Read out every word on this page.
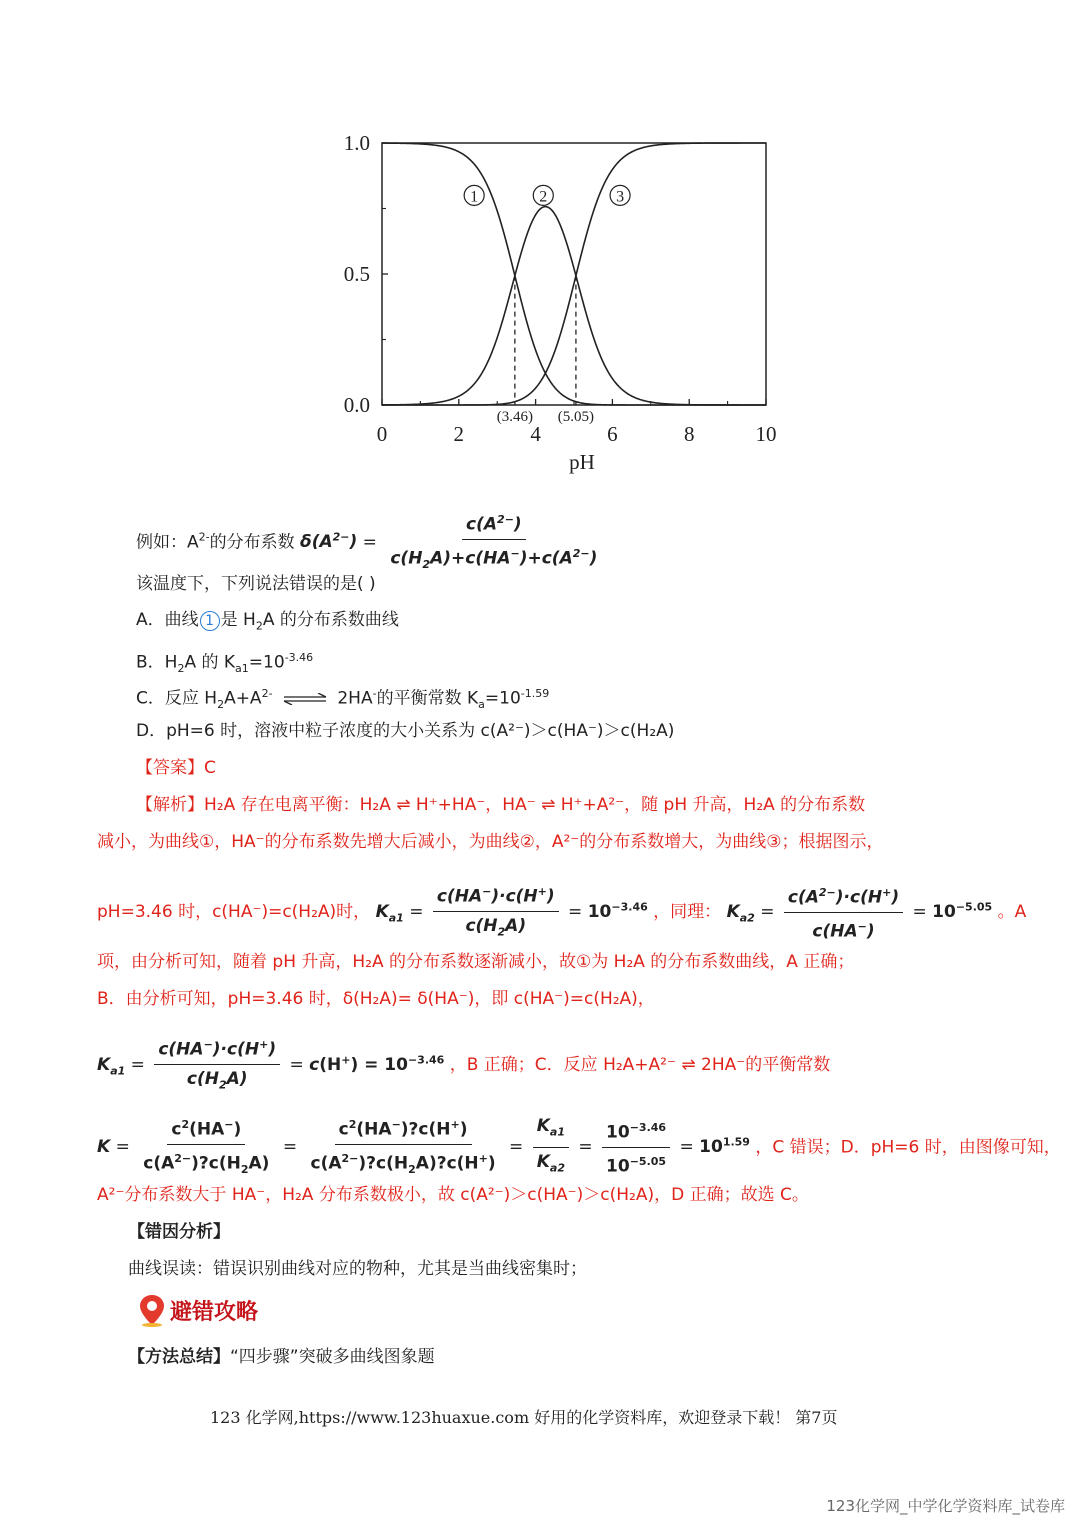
0	2	4	6	8	10
0.0
0.5
1.0
pH
1	2	3
(3.46) (5.05)
例如：$A^{2-}$的分布系数 $\delta(A^{2-}) = \frac{c(A^{2-})}{c(H_2A)+c(HA^-)+c(A^{2-})}$
该温度下，下列说法错误的是( )
A．曲线 1 是 $H_2A$ 的分布系数曲线
B．$H_2A$ 的 $K_{a1}=10^{-3.46}$
C．反应 $H_2A+A^{2-}$ ⇌ 2HA-的平衡常数 $K_a=10^{-1.59}$
D．pH=6 时，溶液中粒子浓度的大小关系为 c(A²⁻)＞c(HA⁻)＞c(H₂A)
【答案】C
【解析】H₂A 存在电离平衡：H₂A ⇌ H⁺+HA⁻，HA⁻ ⇌ H⁺+A²⁻，随 pH 升高，H₂A 的分布系数
减小，为曲线①，HA⁻的分布系数先增大后减小，为曲线②，A²⁻的分布系数增大，为曲线③；根据图示，
pH=3.46 时，c(HA⁻)=c(H₂A)时， $K_{a1} = \frac{c(HA^-)\cdot c(H^+)}{c(H_2A)} = 10^{-3.46}$ ，同理： $K_{a2} = \frac{c(A^{2-})\cdot c(H^+)}{c(HA^-)} = 10^{-5.05}$ 。A
项，由分析可知，随着 pH 升高，H₂A 的分布系数逐渐减小，故①为 H₂A 的分布系数曲线，A 正确；
B．由分析可知，pH=3.46 时，δ(H₂A)= δ(HA⁻)，即 c(HA⁻)=c(H₂A)，
$K_{a1} = \frac{c(HA^-)\cdot c(H^+)}{c(H_2A)} = c(H^+) = 10^{-3.46}$ ，B 正确；C．反应 H₂A+A²⁻ ⇌ 2HA⁻的平衡常数
$K = \frac{c^2(HA^-)}{c(A^{2-})?c(H_2A)} = \frac{c^2(HA^-)?c(H^+)}{c(A^{2-})?c(H_2A)?c(H^+)} = \frac{K_{a1}}{K_{a2}} = \frac{10^{-3.46}}{10^{-5.05}} = 10^{1.59}$ ，C 错误；D．pH=6 时，由图像可知，
A²⁻分布系数大于 HA⁻，H₂A 分布系数极小，故 c(A²⁻)＞c(HA⁻)＞c(H₂A)，D 正确；故选 C。
【错因分析】
曲线误读：错误识别曲线对应的物种，尤其是当曲线密集时；
避错攻略
【方法总结】“四步骤”突破多曲线图象题
123 化学网,https://www.123huaxue.com 好用的化学资料库，欢迎登录下载！ 第7页
123化学网_中学化学资料库_试卷库
